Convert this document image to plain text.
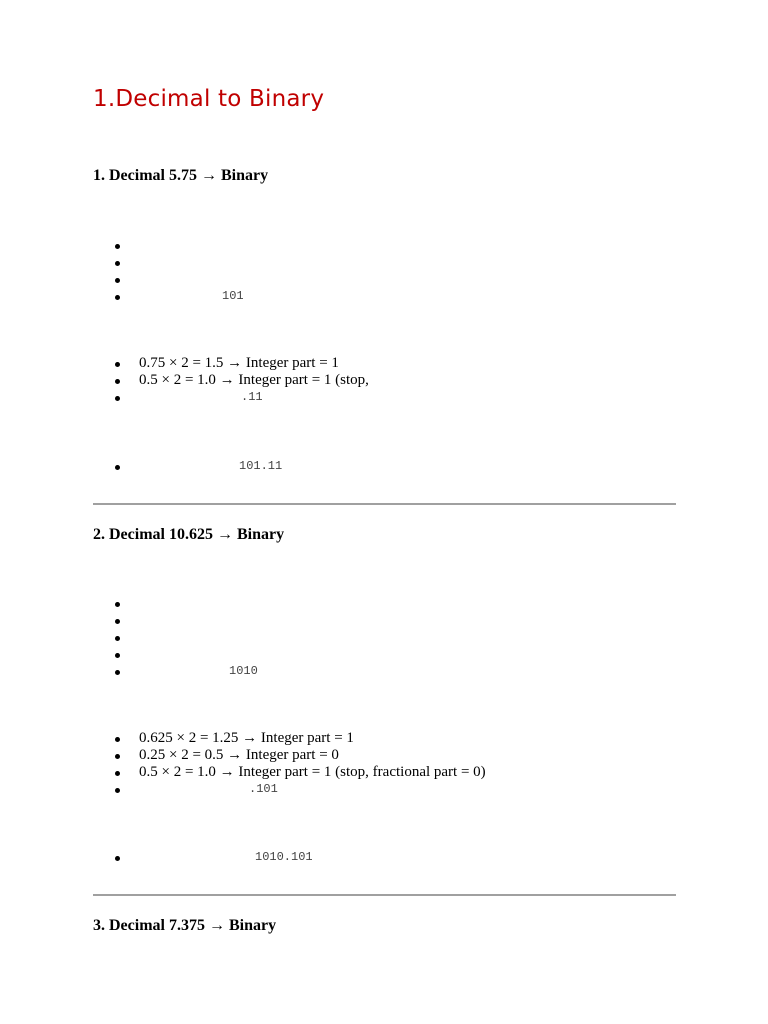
1.Decimal to Binary
1. Decimal 5.75 → Binary
101
0.75 × 2 = 1.5 → Integer part = 1
0.5 × 2 = 1.0 → Integer part = 1 (stop,
.11
101.11
2. Decimal 10.625 → Binary
1010
0.625 × 2 = 1.25 → Integer part = 1
0.25 × 2 = 0.5 → Integer part = 0
0.5 × 2 = 1.0 → Integer part = 1 (stop, fractional part = 0)
.101
1010.101
3. Decimal 7.375 → Binary
